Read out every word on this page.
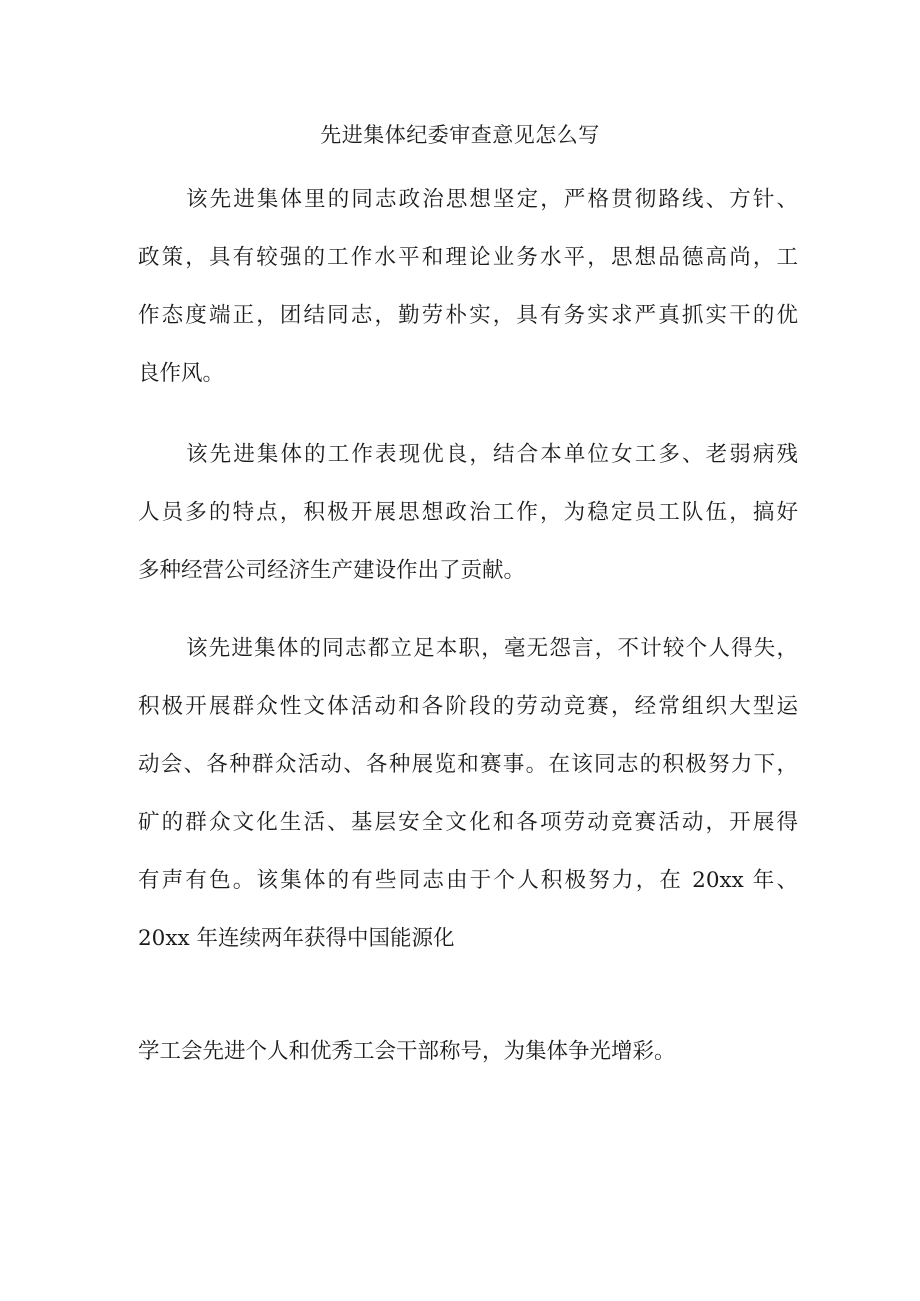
先进集体纪委审查意见怎么写
该先进集体里的同志政治思想坚定，严格贯彻路线、方针、
政策，具有较强的工作水平和理论业务水平，思想品德高尚，工
作态度端正，团结同志，勤劳朴实，具有务实求严真抓实干的优
良作风。
该先进集体的工作表现优良，结合本单位女工多、老弱病残
人员多的特点，积极开展思想政治工作，为稳定员工队伍，搞好
多种经营公司经济生产建设作出了贡献。
该先进集体的同志都立足本职，毫无怨言，不计较个人得失，
积极开展群众性文体活动和各阶段的劳动竞赛，经常组织大型运
动会、各种群众活动、各种展览和赛事。在该同志的积极努力下，
矿的群众文化生活、基层安全文化和各项劳动竞赛活动，开展得
有声有色。该集体的有些同志由于个人积极努力，在 20xx 年、
20xx 年连续两年获得中国能源化
学工会先进个人和优秀工会干部称号，为集体争光增彩。
